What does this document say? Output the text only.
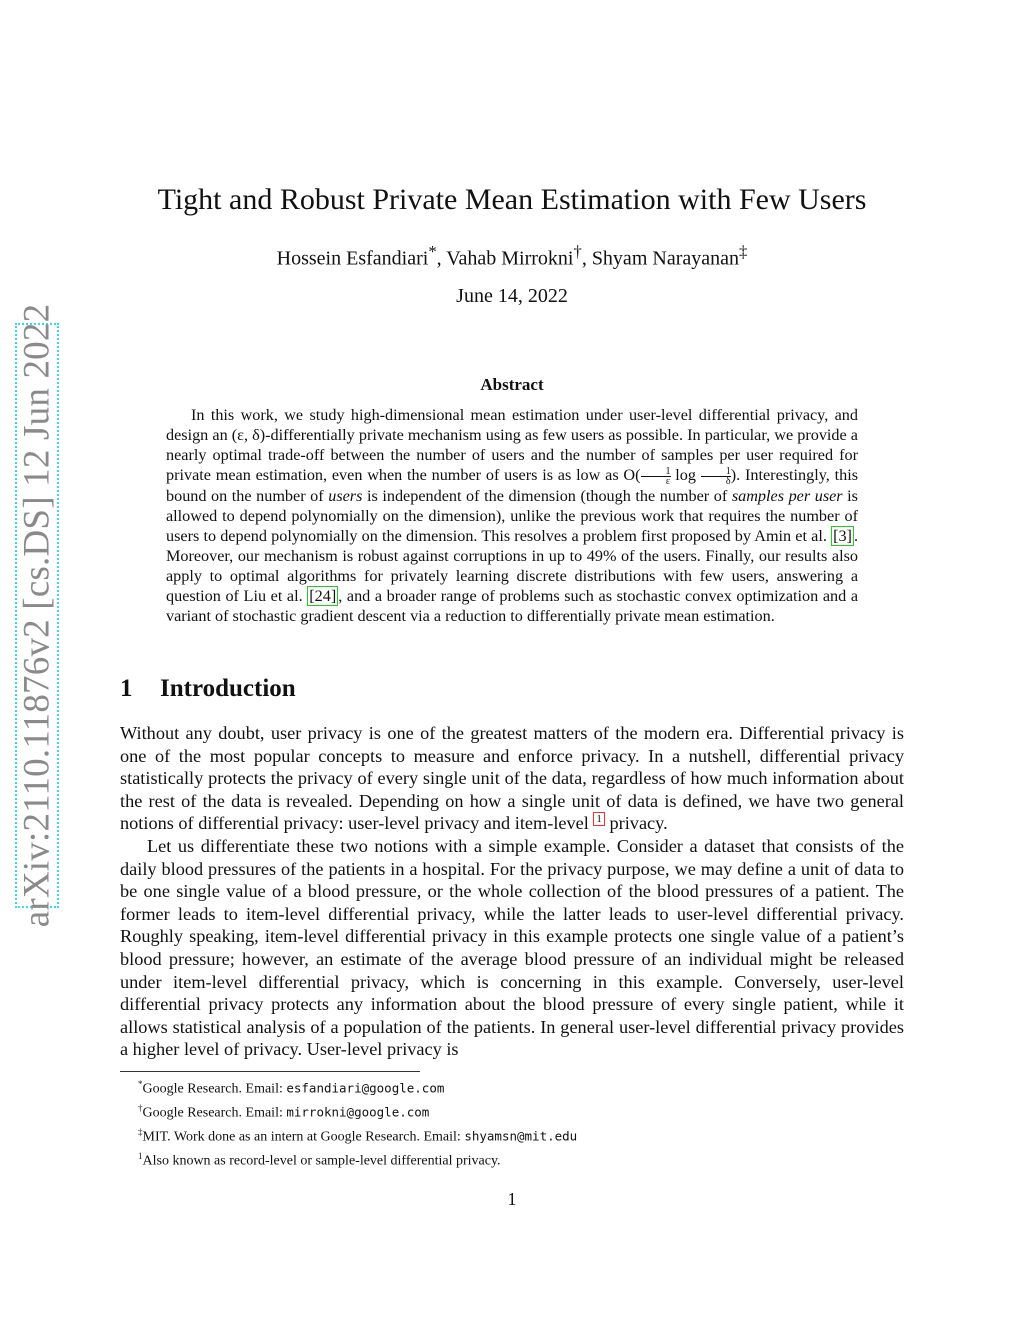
arXiv:2110.11876v2 [cs.DS] 12 Jun 2022
Tight and Robust Private Mean Estimation with Few Users
Hossein Esfandiari*, Vahab Mirrokni†, Shyam Narayanan‡
June 14, 2022
Abstract
In this work, we study high-dimensional mean estimation under user-level differential privacy, and design an (ε, δ)-differentially private mechanism using as few users as possible. In particular, we provide a nearly optimal trade-off between the number of users and the number of samples per user required for private mean estimation, even when the number of users is as low as $O( \frac{1}{\varepsilon}$ $\log \frac{1}{\delta}$ ). Interestingly, this bound on the number of users is independent of the dimension (though the number of samples per user is allowed to depend polynomially on the dimension), unlike the previous work that requires the number of users to depend polynomially on the dimension. This resolves a problem first proposed by Amin et al. [3] . Moreover, our mechanism is robust against corruptions in up to 49% of the users. Finally, our results also apply to optimal algorithms for privately learning discrete distributions with few users, answering a question of Liu et al. [24] , and a broader range of problems such as stochastic convex optimization and a variant of stochastic gradient descent via a reduction to differentially private mean estimation.
1 Introduction

Without any doubt, user privacy is one of the greatest matters of the modern era. Differential privacy is one of the most popular concepts to measure and enforce privacy. In a nutshell, differential privacy statistically protects the privacy of every single unit of the data, regardless of how much information about the rest of the data is revealed. Depending on how a single unit of data is defined, we have two general notions of differential privacy: user-level privacy and item-level $^1$ privacy.

Let us differentiate these two notions with a simple example. Consider a dataset that consists of the daily blood pressures of the patients in a hospital. For the privacy purpose, we may define a unit of data to be one single value of a blood pressure, or the whole collection of the blood pressures of a patient. The former leads to item-level differential privacy, while the latter leads to user-level differential privacy. Roughly speaking, item-level differential privacy in this example protects one single value of a patient’s blood pressure; however, an estimate of the average blood pressure of an individual might be released under item-level differential privacy, which is concerning in this example. Conversely, user-level differential privacy protects any information about the blood pressure of every single patient, while it allows statistical analysis of a population of the patients. In general user-level differential privacy provides a higher level of privacy. User-level privacy is

*Google Research. Email: esfandiari@google.com
†Google Research. Email: mirrokni@google.com
‡MIT. Work done as an intern at Google Research. Email: shyamsn@mit.edu
$^1$Also known as record-level or sample-level differential privacy.
1
